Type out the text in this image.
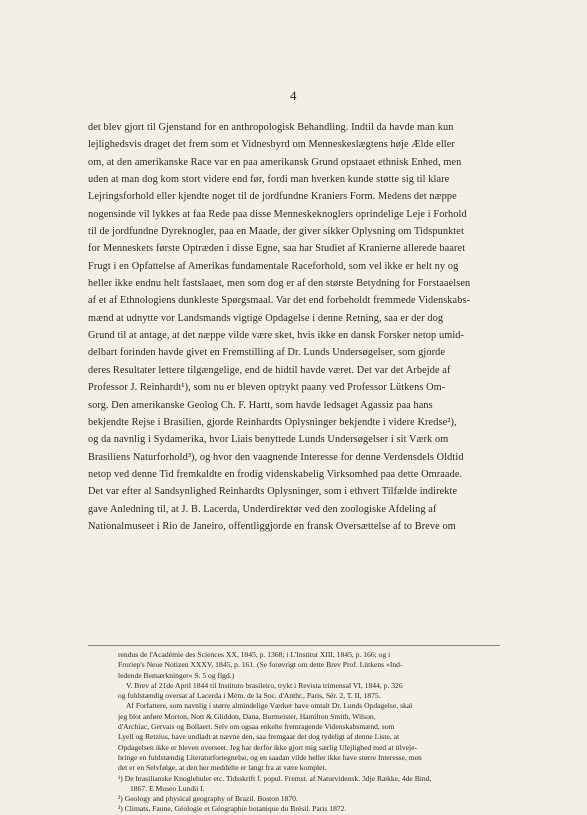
4
det blev gjort til Gjenstand for en anthropologisk Behandling. Indtil da havde man kun
lejlighedsvis draget det frem som et Vidnesbyrd om Menneskeslægtens høje Ælde eller
om, at den amerikanske Race var en paa amerikansk Grund opstaaet ethnisk Enhed, men
uden at man dog kom stort videre end før, fordi man hverken kunde støtte sig til klare
Lejringsforhold eller kjendte noget til de jordfundne Kraniers Form. Medens det næppe
nogensinde vil lykkes at faa Rede paa disse Menneskeknoglers oprindelige Leje i Forhold
til de jordfundne Dyreknogler, paa en Maade, der giver sikker Oplysning om Tidspunktet
for Menneskets første Optræden i disse Egne, saa har Studiet af Kranierne allerede baaret
Frugt i en Opfattelse af Amerikas fundamentale Raceforhold, som vel ikke er helt ny og
heller ikke endnu helt fastslaaet, men som dog er af den største Betydning for Forstaaelsen
af et af Ethnologiens dunkleste Spørgsmaal. Var det end forbeholdt fremmede Videnskabs-
mænd at udnytte vor Landsmands vigtige Opdagelse i denne Retning, saa er der dog
Grund til at antage, at det næppe vilde være sket, hvis ikke en dansk Forsker netop umid-
delbart forinden havde givet en Fremstilling af Dr. Lunds Undersøgelser, som gjorde
deres Resultater lettere tilgængelige, end de hidtil havde været. Det var det Arbejde af
Professor J. Reinhardt¹), som nu er bleven optrykt paany ved Professor Lütkens Om-
sorg. Den amerikanske Geolog Ch. F. Hartt, som havde ledsaget Agassiz paa hans
bekjendte Rejse i Brasilien, gjorde Reinhardts Oplysninger bekjendte i videre Kredse²),
og da navnlig i Sydamerika, hvor Liais benyttede Lunds Undersøgelser i sit Værk om
Brasiliens Naturforhold³), og hvor den vaagnende Interesse for denne Verdensdels Oldtid
netop ved denne Tid fremkaldte en frodig videnskabelig Virksomhed paa dette Omraade.
Det var efter al Sandsynlighed Reinhardts Oplysninger, som i ethvert Tilfælde indirekte
gave Anledning til, at J. B. Lacerda, Underdirektør ved den zoologiske Afdeling af
Nationalmuseet i Rio de Janeiro, offentliggjorde en fransk Oversættelse af to Breve om
rendus de l'Académie des Sciences XX, 1845, p. 1368; i L'Institut XIII, 1845, p. 166; og i
Froriep's Neue Notizen XXXV, 1845, p. 161. (Se forøvrigt om dette Brev Prof. Lütkens »Ind-
ledende Bemærkninger« S. 5 og flgd.)
V. Brev af 21de April 1844 til Instituto brasileiro, trykt i Revista trimensal VI, 1844, p. 326
og fuldstændig oversat af Lacerda i Mém. de la Soc. d'Anthr., Paris, Sér. 2, T. II, 1875.
Af Forfattere, som navnlig i større almindelige Værker have omtalt Dr. Lunds Opdagelse, skal
jeg blot anføre Morton, Nott & Gliddon, Dana, Burmeister, Hamilton Smith, Wilson,
d'Archiac, Gervais og Bollaert. Selv om ogsaa enkelte fremragende Videnskabsmænd, som
Lyell og Retzius, have undladt at nævne den, saa fremgaar det dog tydeligt af denne Liste, at
Opdagelsen ikke er bleven overseet. Jeg har derfor ikke gjort mig særlig Ulejlighed med at tilveje-
bringe en fuldstændig Literaturfortegnelse, og en saadan vilde heller ikke have større Interesse, men
det er en Selvfølge, at den her meddelte er langt fra at være komplet.
¹) De brasilianske Knoglehuler etc. Tidsskrift f. popul. Fremst. af Naturvidensk. 3dje Række, 4de Bind,
1867. E Museo Lundii I.
²) Geology and physical geography of Brazil. Boston 1870.
³) Climats, Faune, Géologie et Géographie botanique du Brésil. Paris 1872.
